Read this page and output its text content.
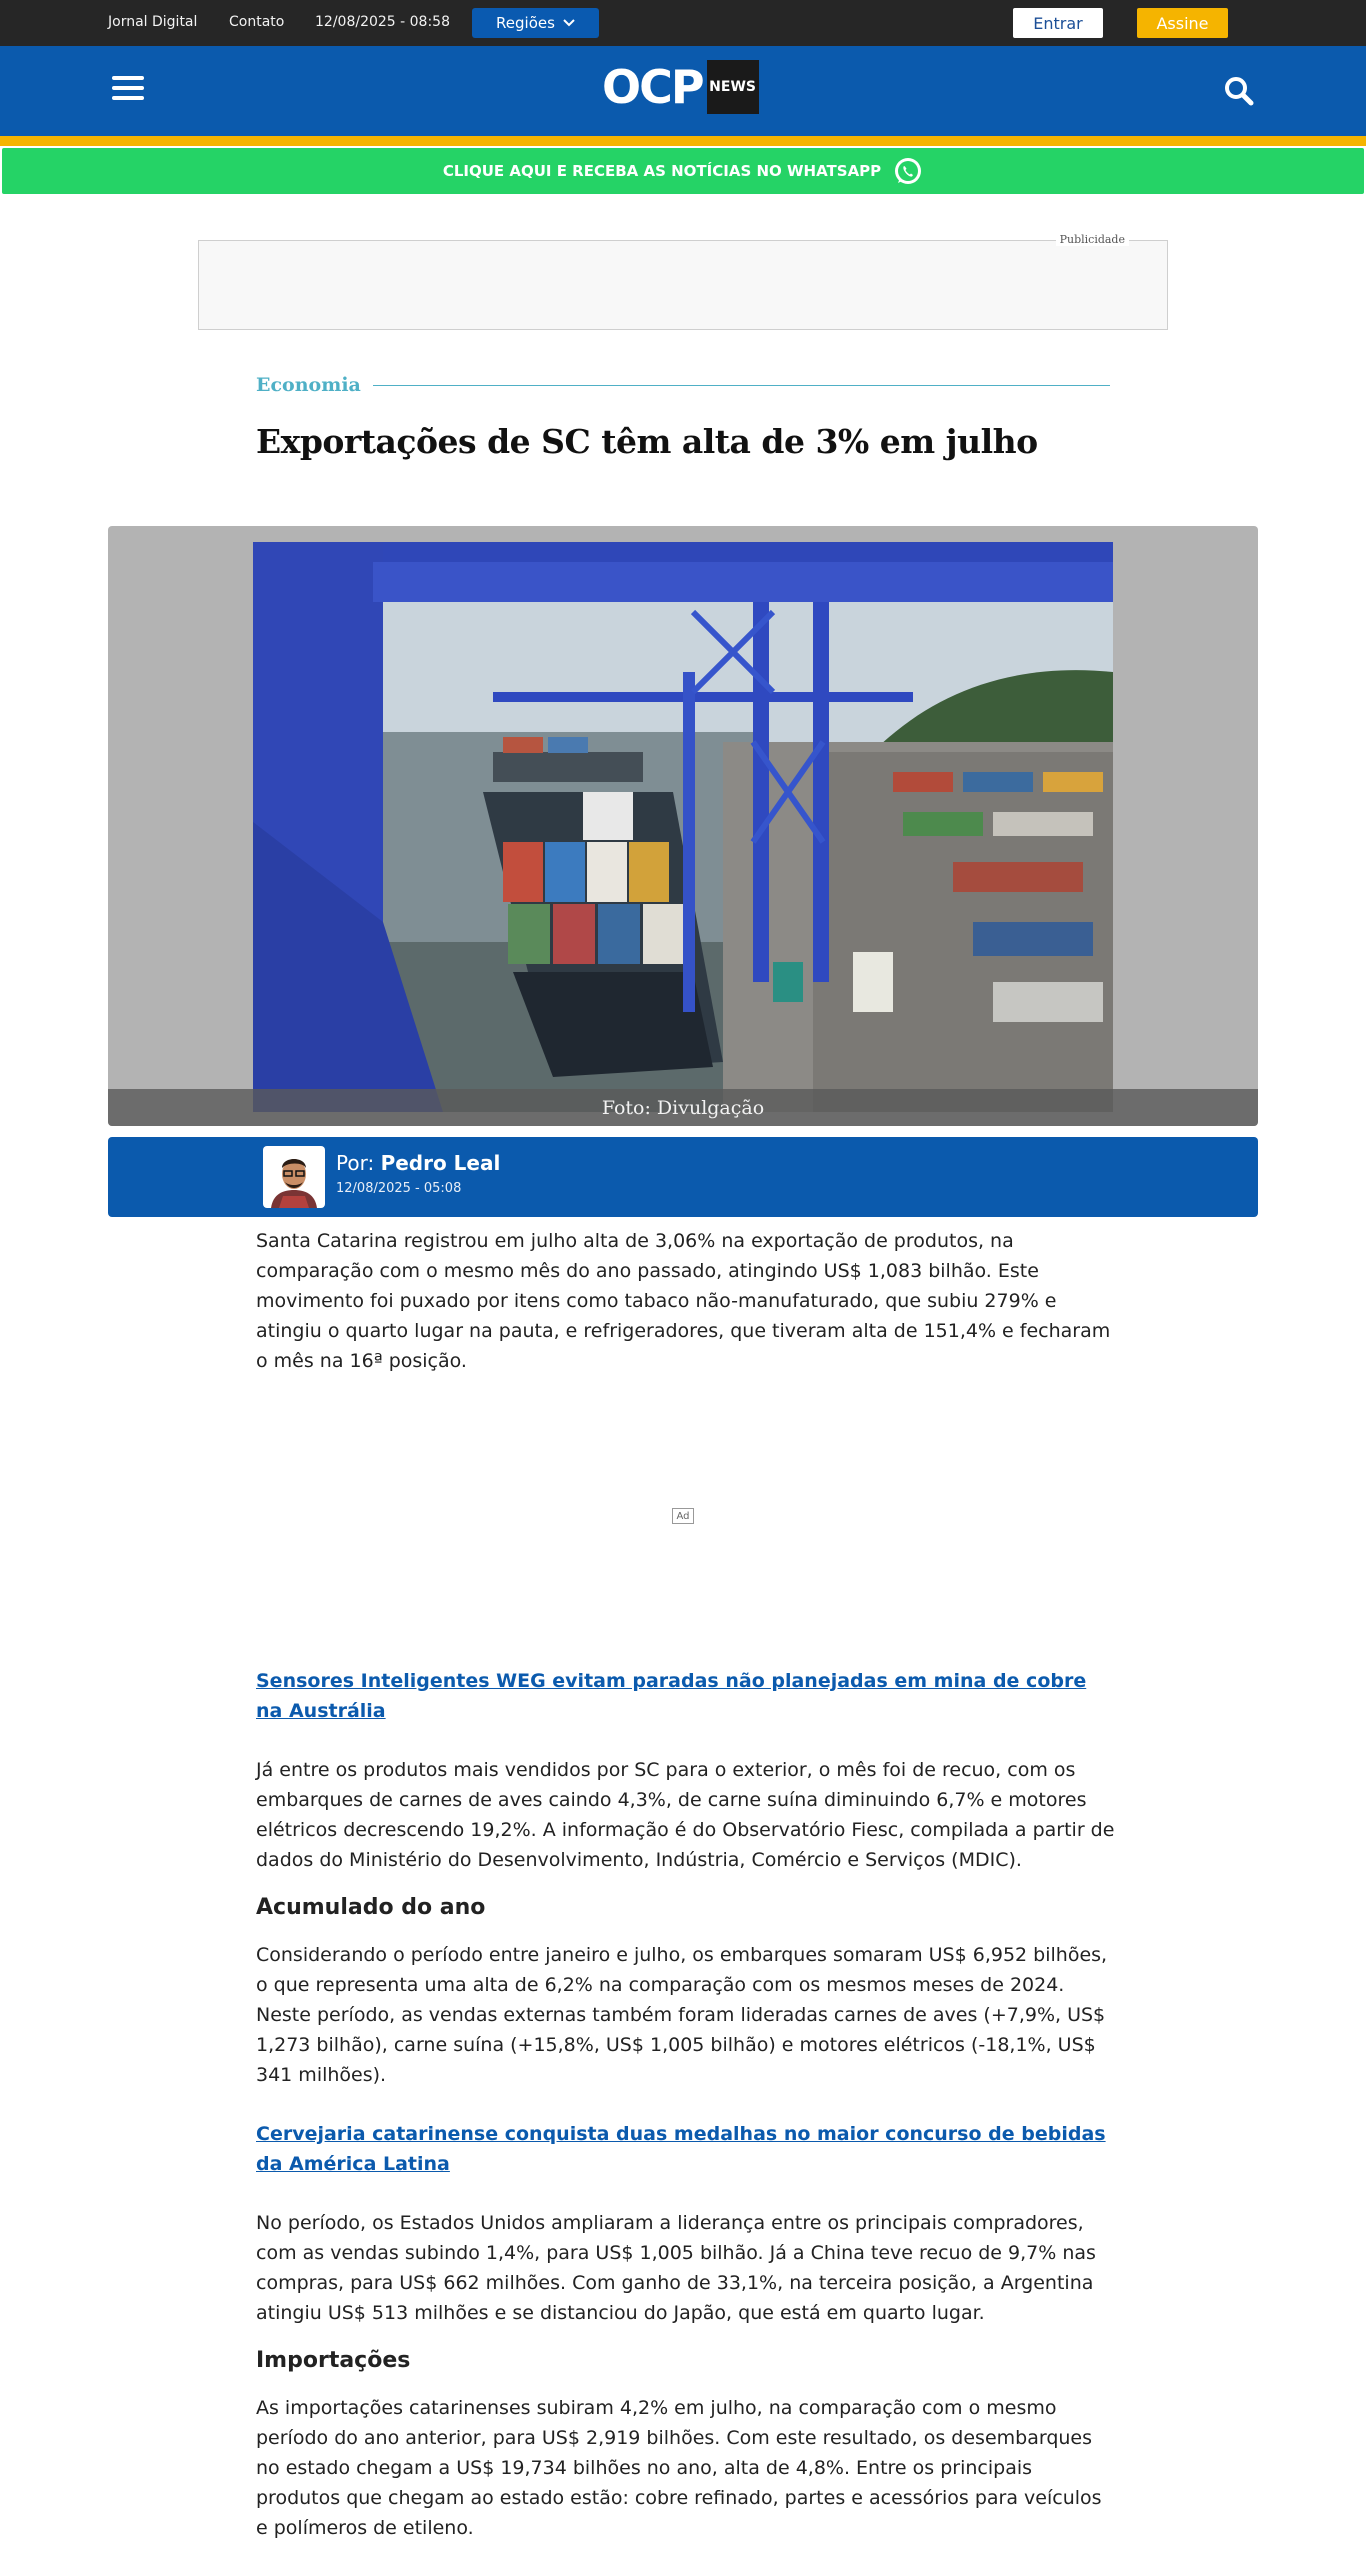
Jornal Digital Contato 12/08/2025 - 08:58	Regiões	Entrar	Assine
OCP NEWS
CLIQUE AQUI E RECEBA AS NOTÍCIAS NO WHATSAPP
Publicidade
Economia
Exportações de SC têm alta de 3% em julho
Foto: Divulgação
Por: Pedro Leal
12/08/2025 - 05:08

Santa Catarina registrou em julho alta de 3,06% na exportação de produtos, na comparação com o mesmo mês do ano passado, atingindo US$ 1,083 bilhão. Este movimento foi puxado por itens como tabaco não-manufaturado, que subiu 279% e atingiu o quarto lugar na pauta, e refrigeradores, que tiveram alta de 151,4% e fecharam o mês na 16ª posição.

Sensores Inteligentes WEG evitam paradas não planejadas em mina de cobre na Austrália

Já entre os produtos mais vendidos por SC para o exterior, o mês foi de recuo, com os embarques de carnes de aves caindo 4,3%, de carne suína diminuindo 6,7% e motores elétricos decrescendo 19,2%. A informação é do Observatório Fiesc, compilada a partir de dados do Ministério do Desenvolvimento, Indústria, Comércio e Serviços (MDIC).

Acumulado do ano

Considerando o período entre janeiro e julho, os embarques somaram US$ 6,952 bilhões, o que representa uma alta de 6,2% na comparação com os mesmos meses de 2024. Neste período, as vendas externas também foram lideradas carnes de aves (+7,9%, US$ 1,273 bilhão), carne suína (+15,8%, US$ 1,005 bilhão) e motores elétricos (-18,1%, US$ 341 milhões).

Cervejaria catarinense conquista duas medalhas no maior concurso de bebidas da América Latina

No período, os Estados Unidos ampliaram a liderança entre os principais compradores, com as vendas subindo 1,4%, para US$ 1,005 bilhão. Já a China teve recuo de 9,7% nas compras, para US$ 662 milhões. Com ganho de 33,1%, na terceira posição, a Argentina atingiu US$ 513 milhões e se distanciou do Japão, que está em quarto lugar.

Importações

As importações catarinenses subiram 4,2% em julho, na comparação com o mesmo período do ano anterior, para US$ 2,919 bilhões. Com este resultado, os desembarques no estado chegam a US$ 19,734 bilhões no ano, alta de 4,8%. Entre os principais produtos que chegam ao estado estão: cobre refinado, partes e acessórios para veículos e polímeros de etileno.

Ad
